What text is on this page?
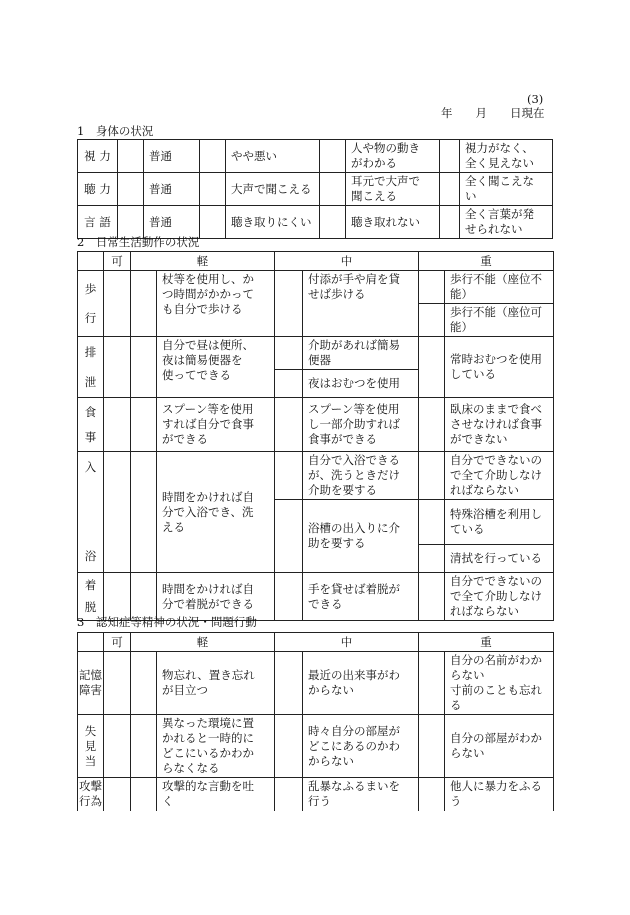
(3)
年　　月　　日現在
1　身体の状況
視 力		普通		やや悪い		人や物の動き
がわかる		視力がなく、
全く見えない
聴 力		普通		大声で聞こえる		耳元で大声で
聞こえる		全く聞こえな
い
言 語		普通		聴き取りにくい		聴き取れない		全く言葉が発
せられない
2　日常生活動作の状況
	可	軽		中		重	

歩
行			杖等を使用し、か
つ時間がかかって
も自分で歩ける		付添が手や肩を貸
せば歩ける		歩行不能（座位不
能）
							歩行不能（座位可
能）

排
泄			自分で昼は便所、
夜は簡易便器を
使ってできる		介助があれば簡易
便器		常時おむつを使用
している
					夜はおむつを使用		

食
事			スプーン等を使用
すれば自分で食事
ができる		スプーン等を使用
し一部介助すれば
食事ができる		臥床のままで食べ
させなければ食事
ができない

入
浴			時間をかければ自
分で入浴でき、洗
える		自分で入浴できる
が、洗うときだけ
介助を要する		自分でできないの
で全て介助しなけ
ればならない
					浴槽の出入りに介
助を要する		特殊浴槽を利用し
ている
							清拭を行っている

着
脱			時間をかければ自
分で着脱ができる		手を貸せば着脱が
できる		自分でできないの
で全て介助しなけ
ればならない
3　認知症等精神の状況・問題行動
	可	軽		中		重	
記憶
障害			物忘れ、置き忘れ
が目立つ		最近の出来事がわ
からない		自分の名前がわか
らない
寸前のことも忘れ
る
失
見
当			異なった環境に置
かれると一時的に
どこにいるかわか
らなくなる		時々自分の部屋が
どこにあるのかわ
からない		自分の部屋がわか
らない
攻撃
行為			攻撃的な言動を吐
く		乱暴なふるまいを
行う		他人に暴力をふる
う
